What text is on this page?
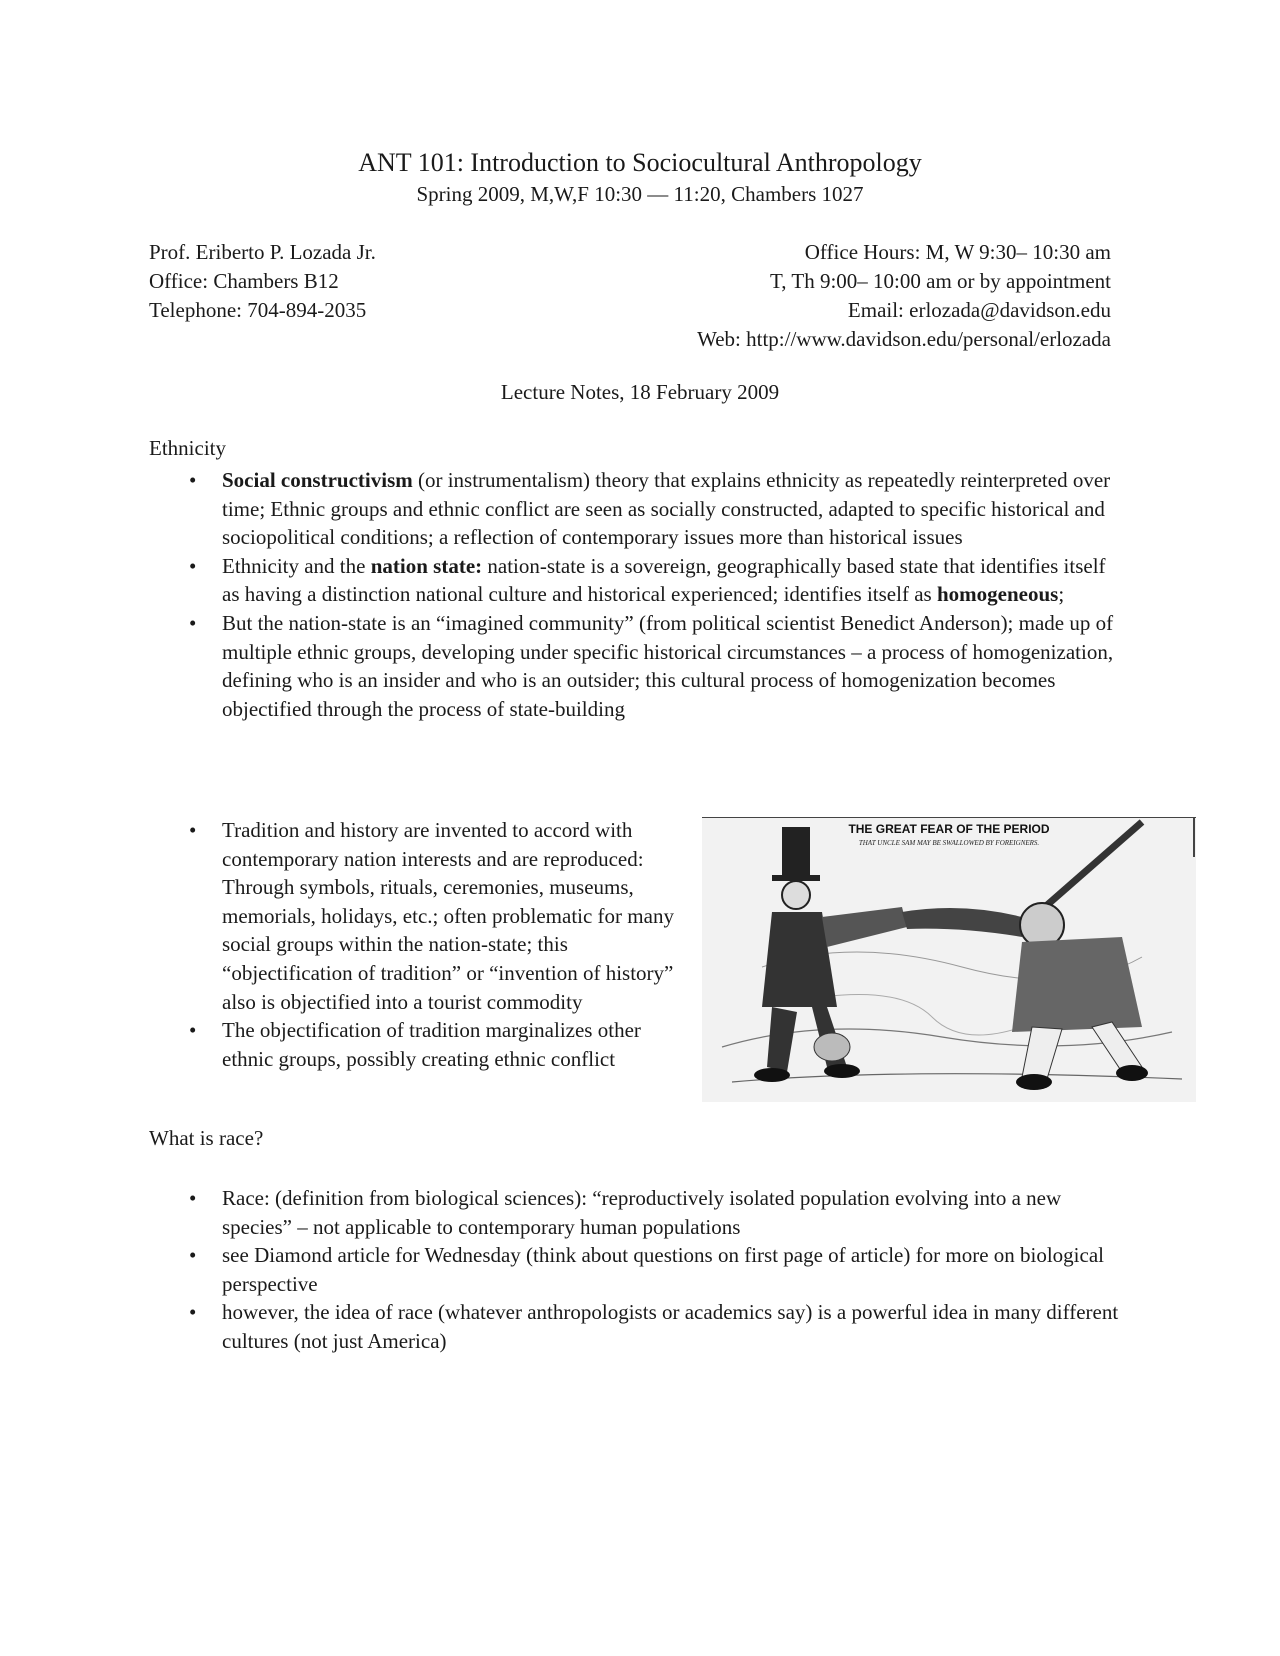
ANT 101: Introduction to Sociocultural Anthropology
Spring 2009, M,W,F 10:30 — 11:20, Chambers 1027
Prof. Eriberto P. Lozada Jr.
Office: Chambers B12
Telephone: 704-894-2035
Office Hours: M, W 9:30– 10:30 am
T, Th 9:00– 10:00 am or by appointment
Email: erlozada@davidson.edu
Web: http://www.davidson.edu/personal/erlozada
Lecture Notes, 18 February 2009
Ethnicity
• Social constructivism (or instrumentalism) theory that explains ethnicity as repeatedly reinterpreted over time; Ethnic groups and ethnic conflict are seen as socially constructed, adapted to specific historical and sociopolitical conditions; a reflection of contemporary issues more than historical issues
• Ethnicity and the nation state: nation-state is a sovereign, geographically based state that identifies itself as having a distinction national culture and historical experienced; identifies itself as homogeneous;
• But the nation-state is an “imagined community” (from political scientist Benedict Anderson); made up of multiple ethnic groups, developing under specific historical circumstances – a process of homogenization, defining who is an insider and who is an outsider; this cultural process of homogenization becomes objectified through the process of state-building
• Tradition and history are invented to accord with contemporary nation interests and are reproduced: Through symbols, rituals, ceremonies, museums, memorials, holidays, etc.; often problematic for many social groups within the nation-state; this “objectification of tradition” or “invention of history” also is objectified into a tourist commodity
• The objectification of tradition marginalizes other ethnic groups, possibly creating ethnic conflict
THE GREAT FEAR OF THE PERIOD
THAT UNCLE SAM MAY BE SWALLOWED BY FOREIGNERS.
What is race?
• Race: (definition from biological sciences): “reproductively isolated population evolving into a new species” – not applicable to contemporary human populations
• see Diamond article for Wednesday (think about questions on first page of article) for more on biological perspective
• however, the idea of race (whatever anthropologists or academics say) is a powerful idea in many different cultures (not just America)
